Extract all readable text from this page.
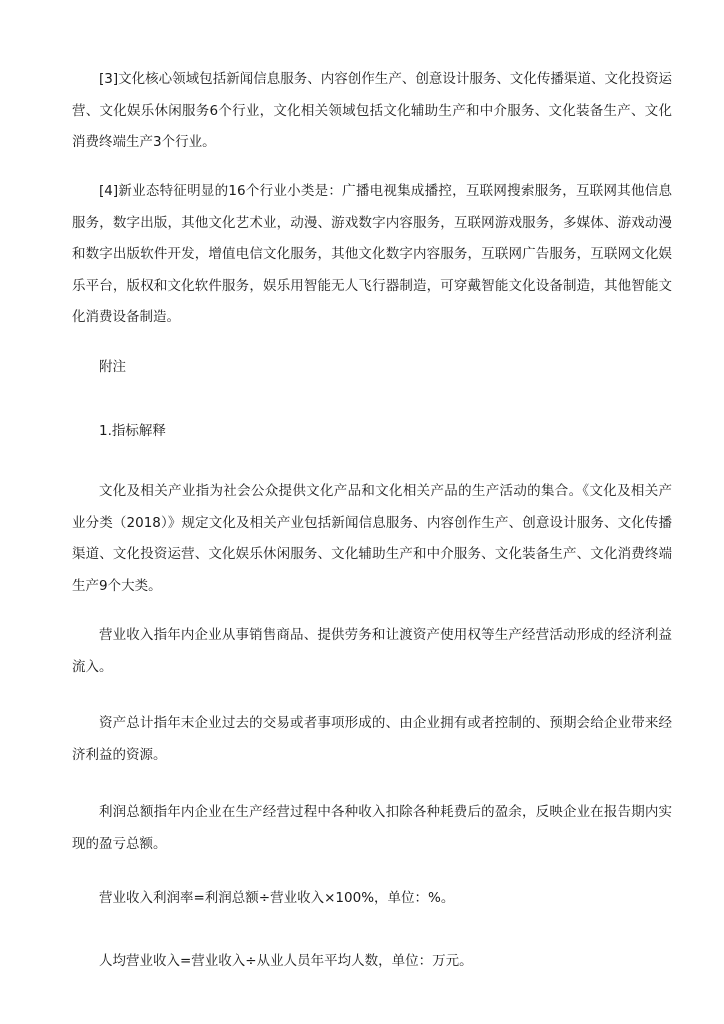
[3]文化核心领域包括新闻信息服务、内容创作生产、创意设计服务、文化传播渠道、文化投资运营、文化娱乐休闲服务6个行业，文化相关领域包括文化辅助生产和中介服务、文化装备生产、文化消费终端生产3个行业。

[4]新业态特征明显的16个行业小类是：广播电视集成播控，互联网搜索服务，互联网其他信息服务，数字出版，其他文化艺术业，动漫、游戏数字内容服务，互联网游戏服务，多媒体、游戏动漫和数字出版软件开发，增值电信文化服务，其他文化数字内容服务，互联网广告服务，互联网文化娱乐平台，版权和文化软件服务，娱乐用智能无人飞行器制造，可穿戴智能文化设备制造，其他智能文化消费设备制造。

附注

1.指标解释

文化及相关产业指为社会公众提供文化产品和文化相关产品的生产活动的集合。《文化及相关产业分类（2018）》规定文化及相关产业包括新闻信息服务、内容创作生产、创意设计服务、文化传播渠道、文化投资运营、文化娱乐休闲服务、文化辅助生产和中介服务、文化装备生产、文化消费终端生产9个大类。

营业收入指年内企业从事销售商品、提供劳务和让渡资产使用权等生产经营活动形成的经济利益流入。

资产总计指年末企业过去的交易或者事项形成的、由企业拥有或者控制的、预期会给企业带来经济利益的资源。

利润总额指年内企业在生产经营过程中各种收入扣除各种耗费后的盈余，反映企业在报告期内实现的盈亏总额。

营业收入利润率=利润总额÷营业收入×100%，单位：%。

人均营业收入=营业收入÷从业人员年平均人数，单位：万元。
